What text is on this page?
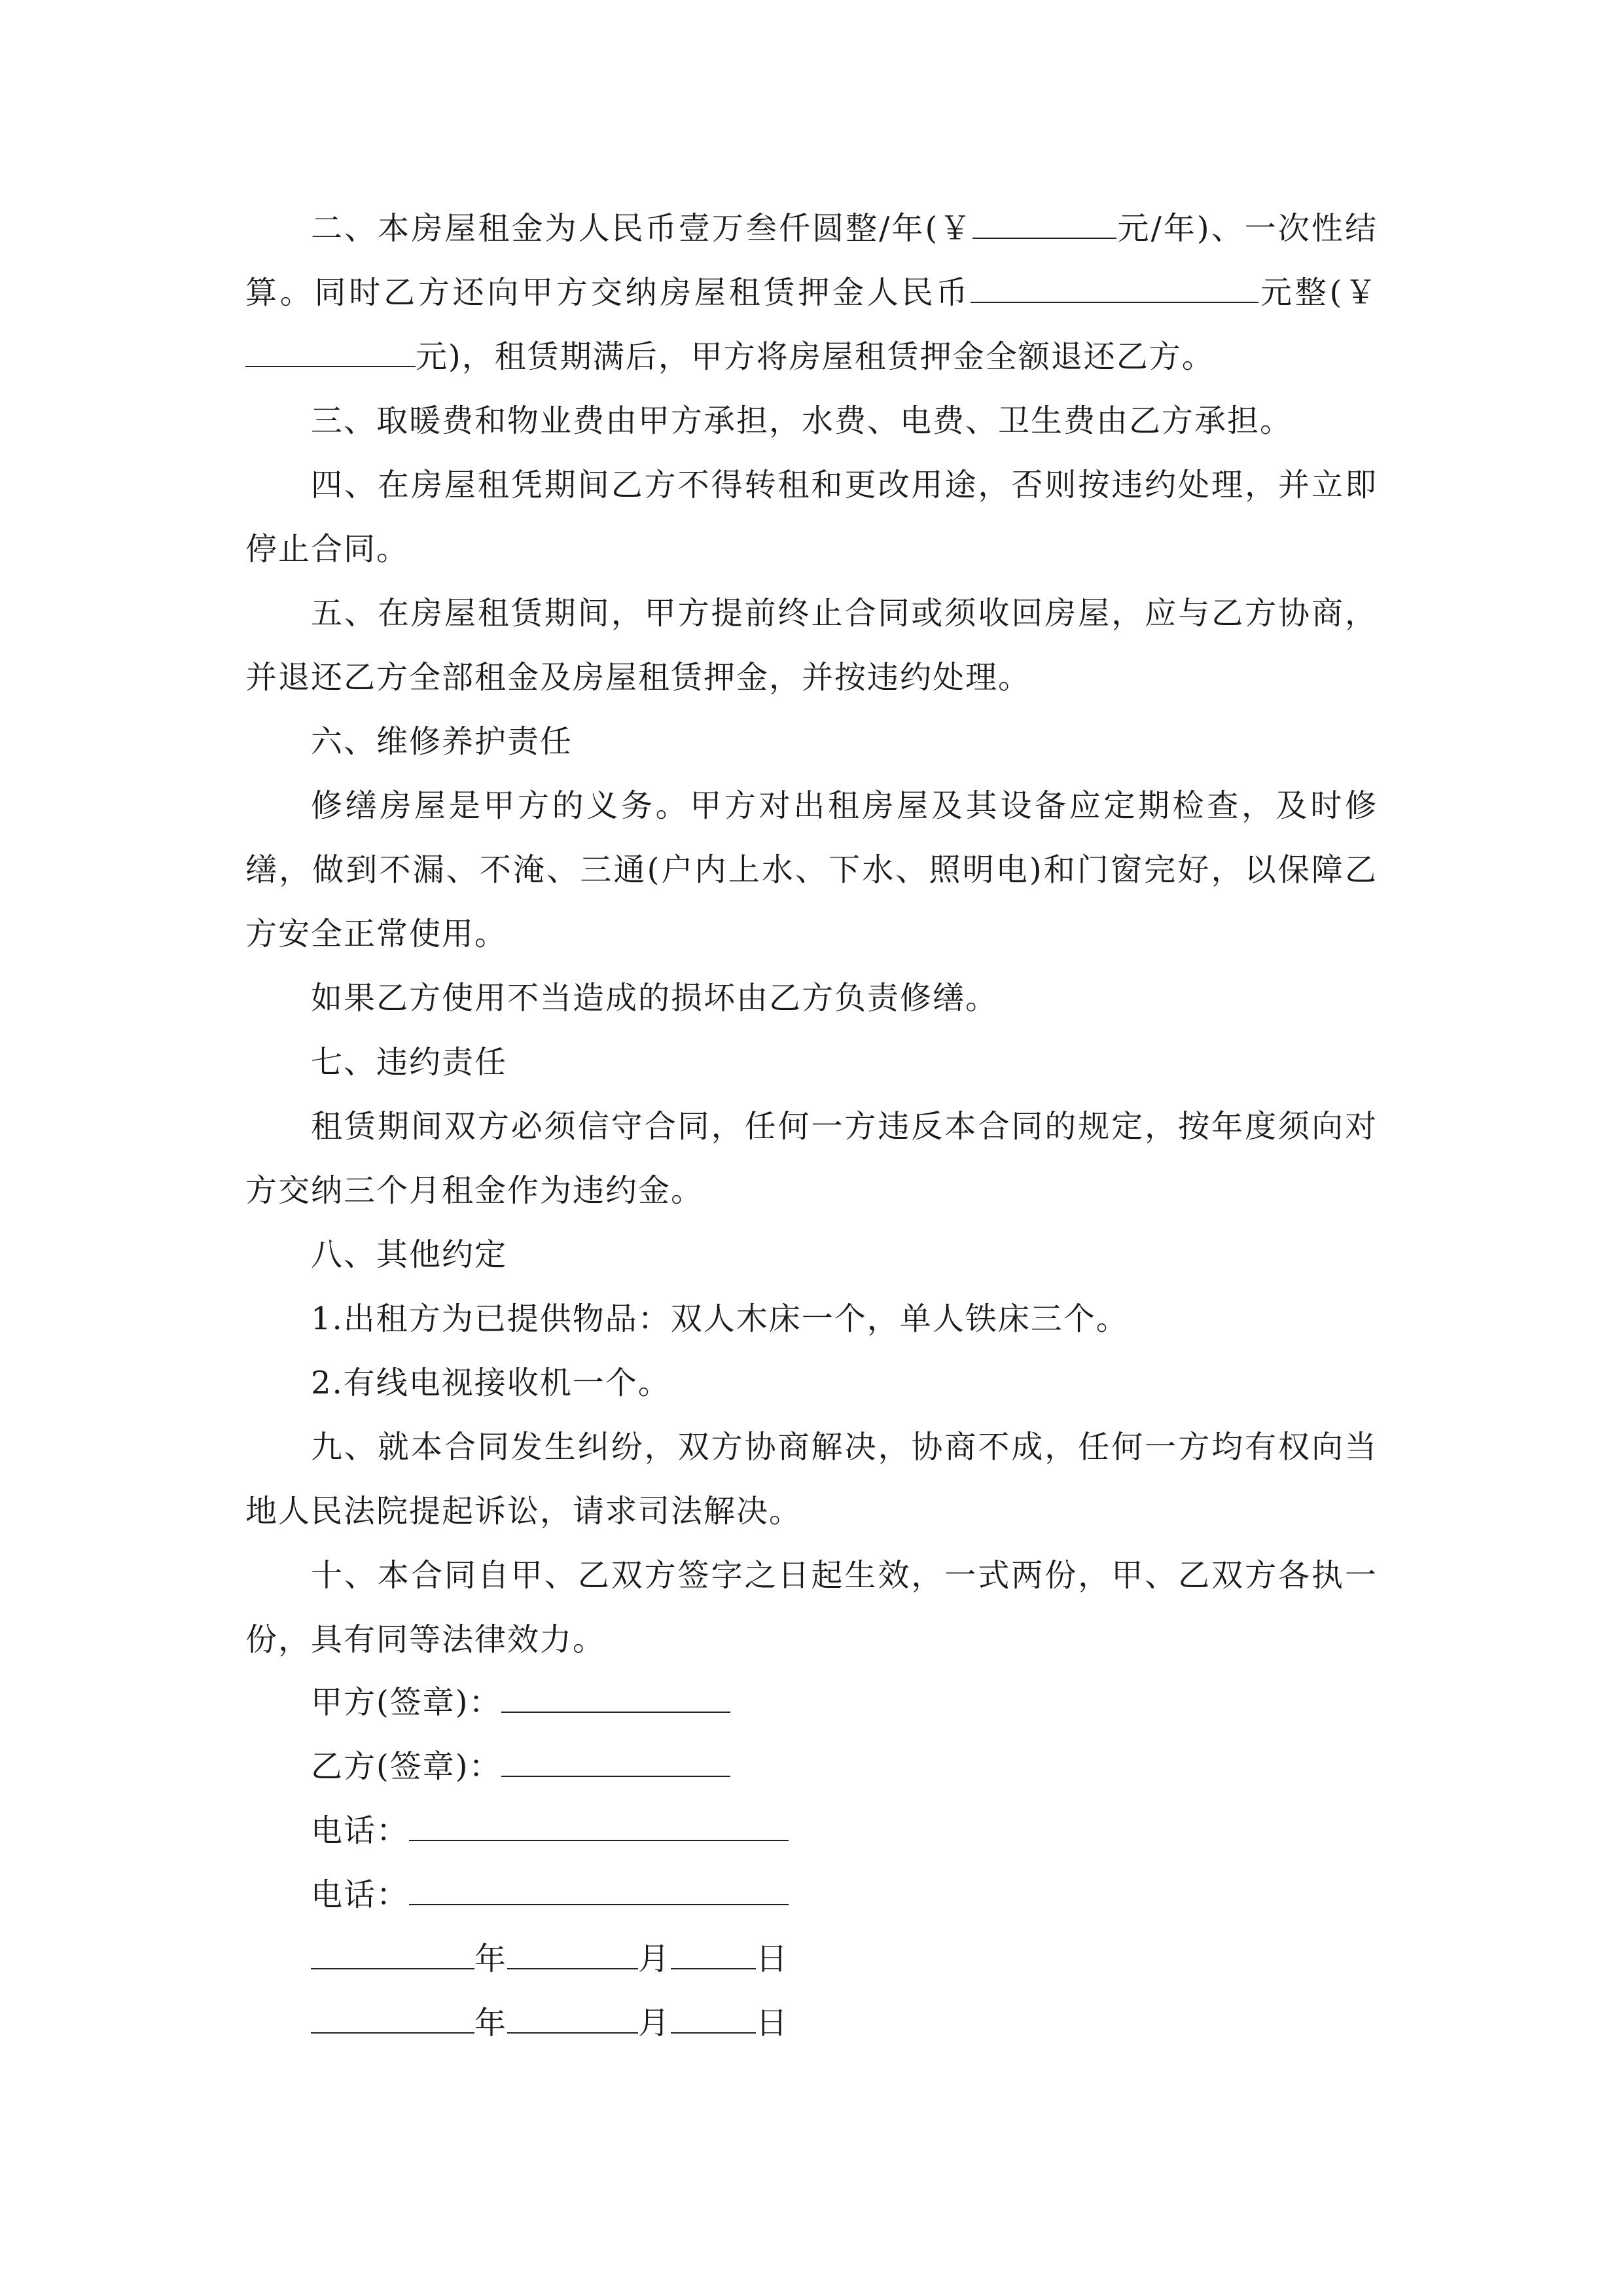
二、本房屋租金为人民币壹万叁仟圆整/年(￥	元/年)、一次性结算。同时乙方还向甲方交纳房屋租赁押金人民币	元整(￥元)，租赁期满后，甲方将房屋租赁押金全额退还乙方。

三、取暖费和物业费由甲方承担，水费、电费、卫生费由乙方承担。

四、在房屋租凭期间乙方不得转租和更改用途，否则按违约处理，并立即停止合同。

五、在房屋租赁期间，甲方提前终止合同或须收回房屋，应与乙方协商，并退还乙方全部租金及房屋租赁押金，并按违约处理。

六、维修养护责任

修缮房屋是甲方的义务。甲方对出租房屋及其设备应定期检查，及时修缮，做到不漏、不淹、三通(户内上水、下水、照明电)和门窗完好，以保障乙方安全正常使用。

如果乙方使用不当造成的损坏由乙方负责修缮。

七、违约责任

租赁期间双方必须信守合同，任何一方违反本合同的规定，按年度须向对方交纳三个月租金作为违约金。

八、其他约定

1.出租方为已提供物品：双人木床一个，单人铁床三个。

2.有线电视接收机一个。

九、就本合同发生纠纷，双方协商解决，协商不成，任何一方均有权向当地人民法院提起诉讼，请求司法解决。

十、本合同自甲、乙双方签字之日起生效，一式两份，甲、乙双方各执一份，具有同等法律效力。

甲方(签章)：

乙方(签章)：

电话：

电话：

年	月	日

年	月	日
